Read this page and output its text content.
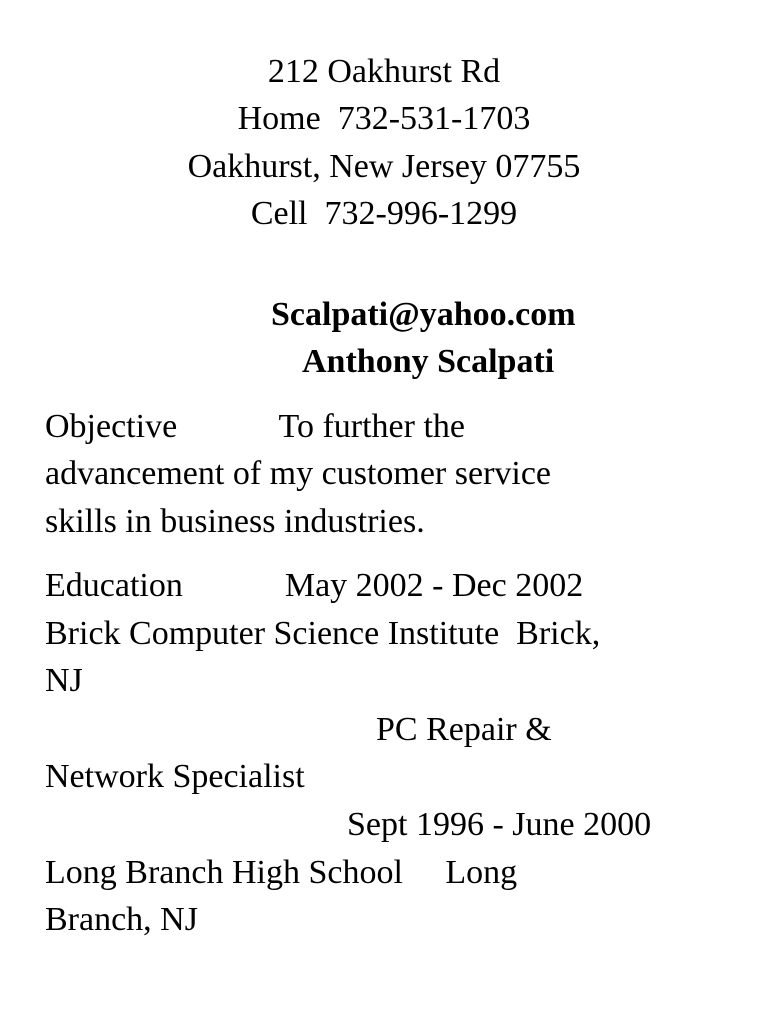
212 Oakhurst Rd
Home  732-531-1703
Oakhurst, New Jersey 07755
Cell  732-996-1299
Scalpati@yahoo.com
Anthony Scalpati
Objective            To further the
advancement of my customer service
skills in business industries.
Education            May 2002 - Dec 2002
Brick Computer Science Institute  Brick,
NJ
PC Repair &
Network Specialist
Sept 1996 - June 2000
Long Branch High School     Long
Branch, NJ
